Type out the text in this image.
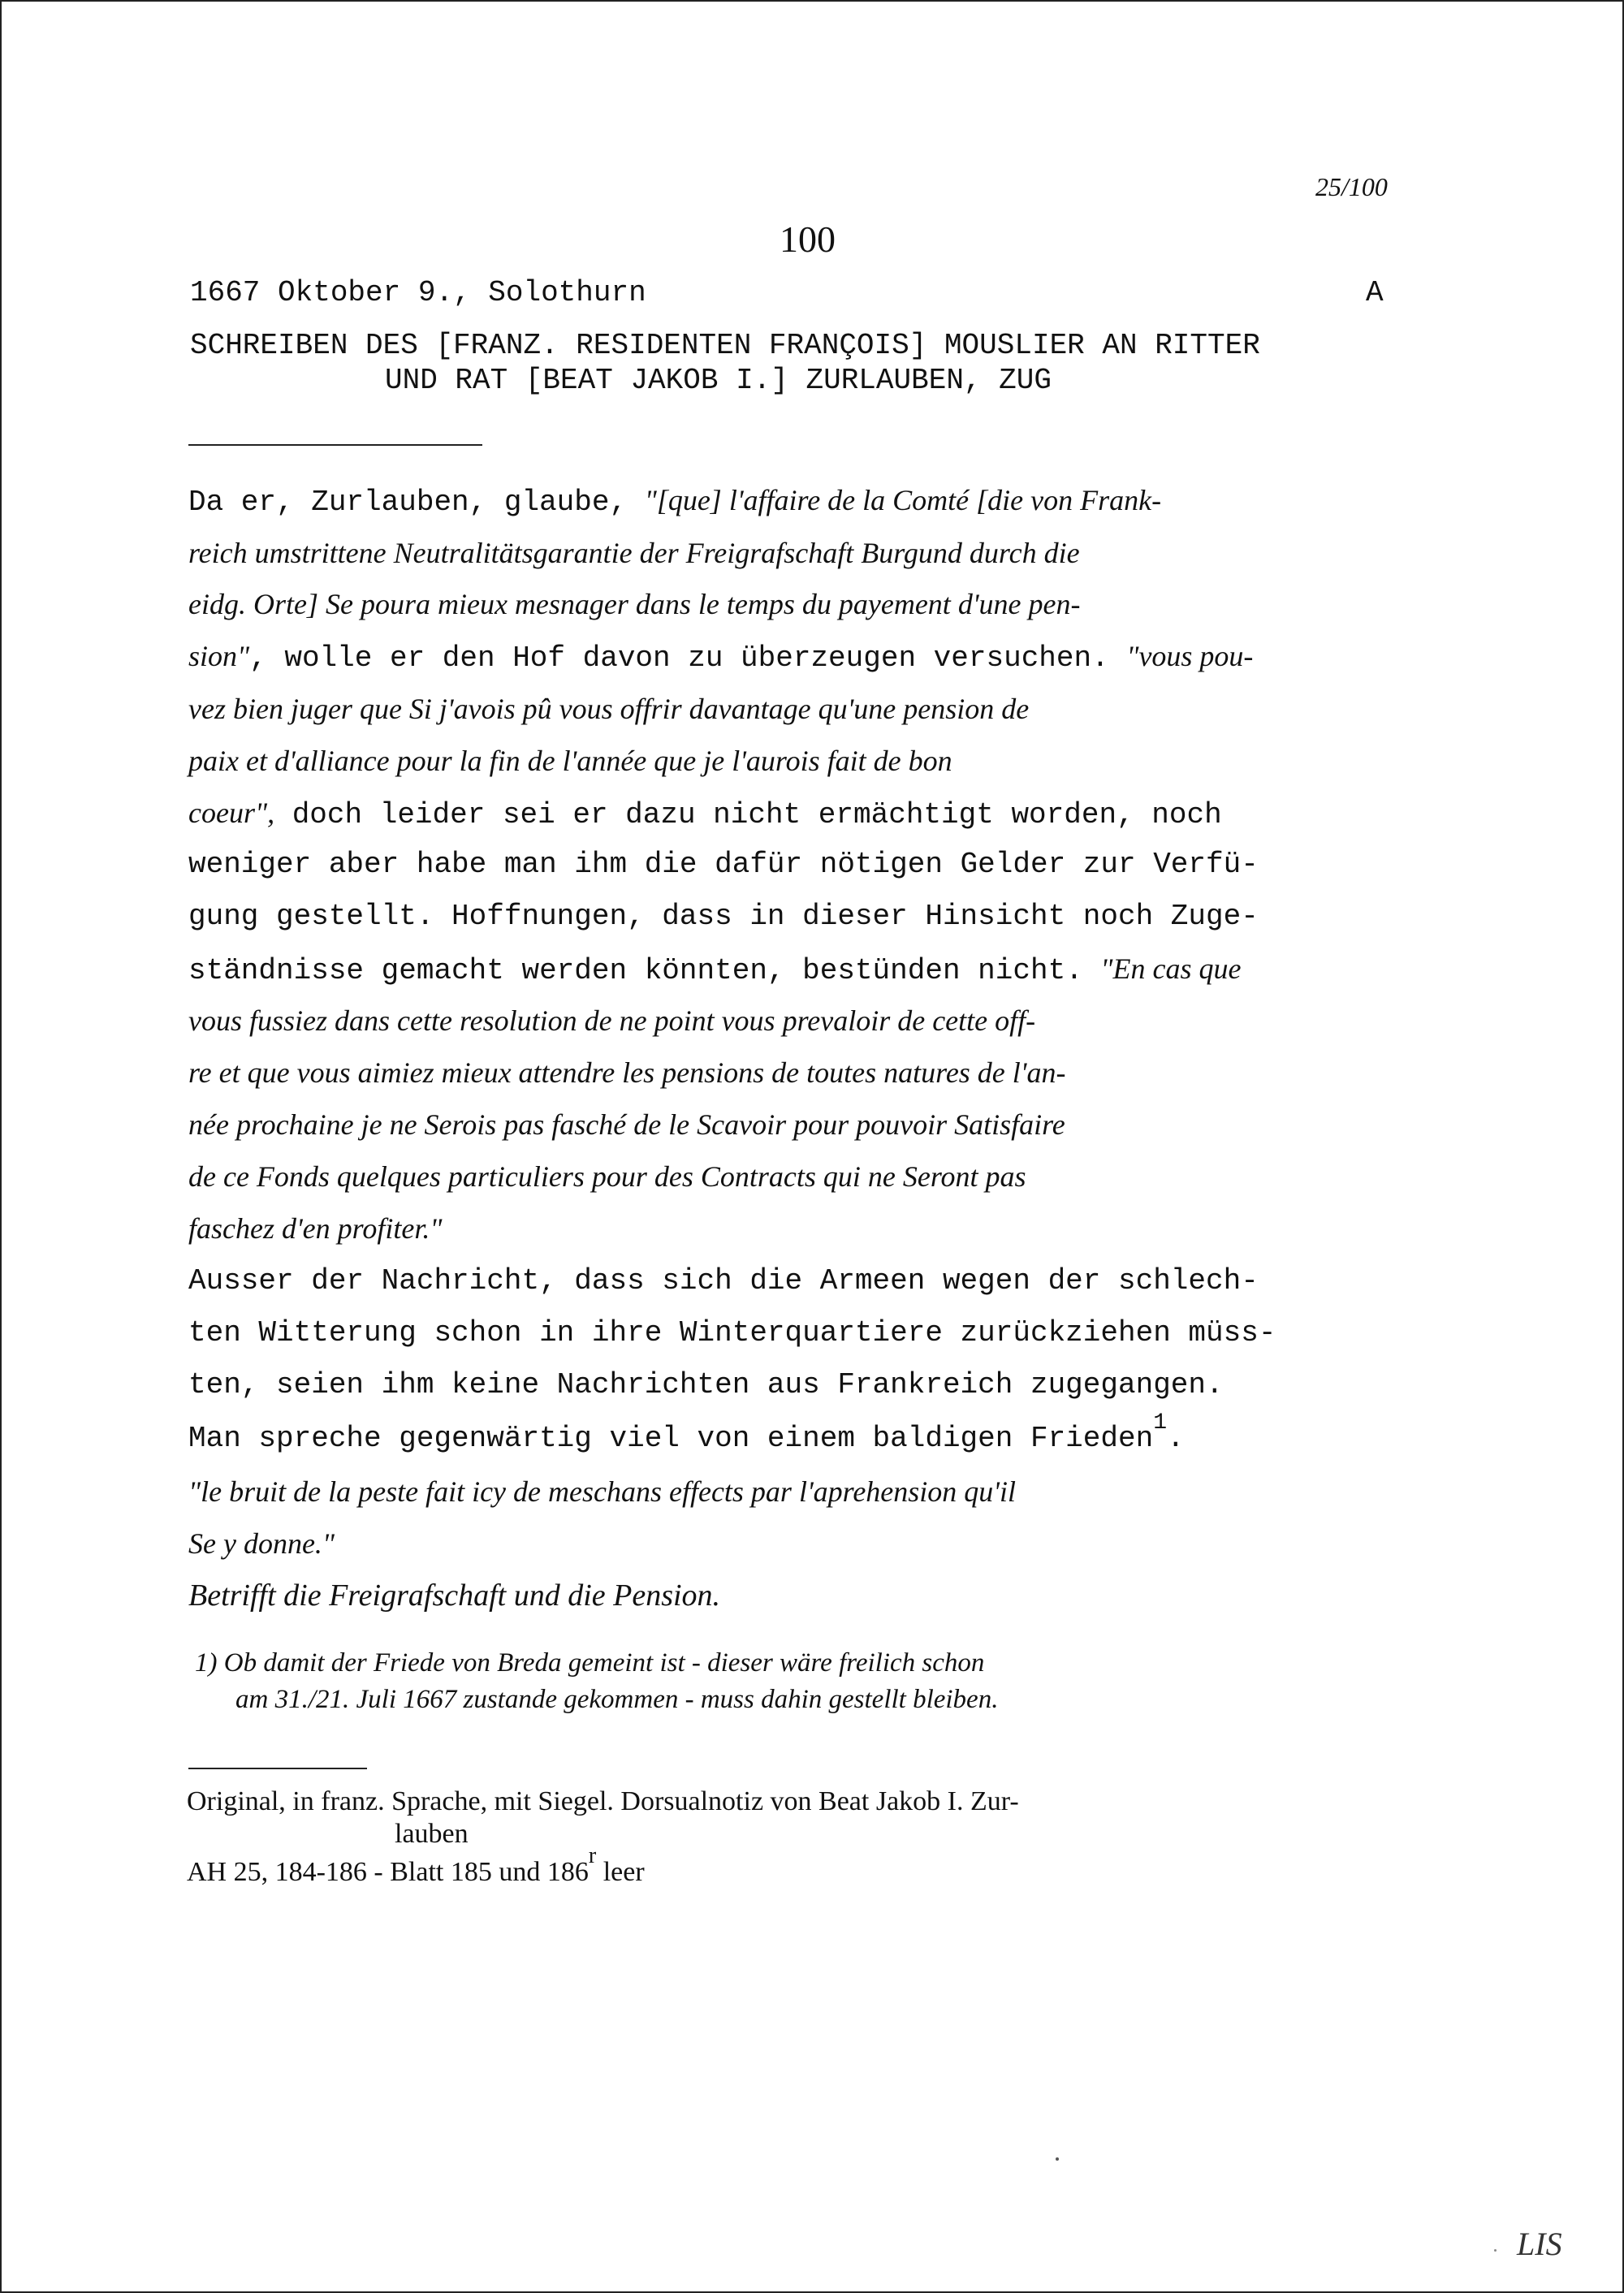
25/100
100
1667 Oktober 9., Solothurn	A
SCHREIBEN DES [FRANZ. RESIDENTEN FRANÇOIS] MOUSLIER AN RITTER
UND RAT [BEAT JAKOB I.] ZURLAUBEN, ZUG
Da er, Zurlauben, glaube, "[que] l'affaire de la Comté [die von Frank-
reich umstrittene Neutralitätsgarantie der Freigrafschaft Burgund durch die
eidg. Orte] Se poura mieux mesnager dans le temps du payement d'une pen-
sion", wolle er den Hof davon zu überzeugen versuchen. "vous pou-
vez bien juger que Si j'avois pû vous offrir davantage qu'une pension de
paix et d'alliance pour la fin de l'année que je l'aurois fait de bon
coeur", doch leider sei er dazu nicht ermächtigt worden, noch
weniger aber habe man ihm die dafür nötigen Gelder zur Verfü-
gung gestellt. Hoffnungen, dass in dieser Hinsicht noch Zuge-
ständnisse gemacht werden könnten, bestünden nicht. "En cas que
vous fussiez dans cette resolution de ne point vous prevaloir de cette off-
re et que vous aimiez mieux attendre les pensions de toutes natures de l'an-
née prochaine je ne Serois pas fasché de le Scavoir pour pouvoir Satisfaire
de ce Fonds quelques particuliers pour des Contracts qui ne Seront pas
faschez d'en profiter."
Ausser der Nachricht, dass sich die Armeen wegen der schlech-
ten Witterung schon in ihre Winterquartiere zurückziehen müss-
ten, seien ihm keine Nachrichten aus Frankreich zugegangen.
Man spreche gegenwärtig viel von einem baldigen Frieden$^1$.
"le bruit de la peste fait icy de meschans effects par l'aprehension qu'il
Se y donne."
Betrifft die Freigrafschaft und die Pension.
1) Ob damit der Friede von Breda gemeint ist - dieser wäre freilich schon
am 31./21. Juli 1667 zustande gekommen - muss dahin gestellt bleiben.
Original, in franz. Sprache, mit Siegel. Dorsualnotiz von Beat Jakob I. Zur-
lauben
AH 25, 184-186 - Blatt 185 und 186$^r$ leer
LIS
